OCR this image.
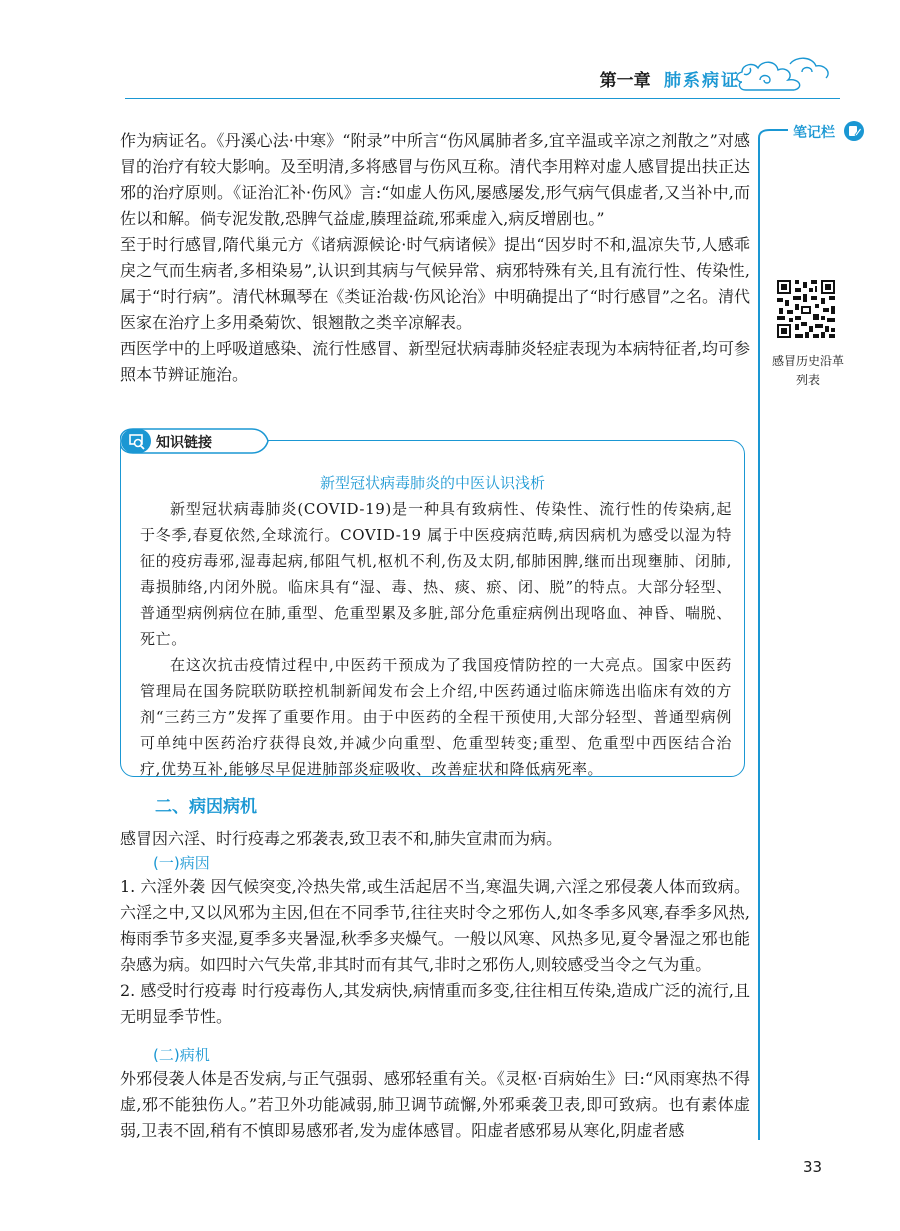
第一章 肺系病证
笔记栏
感冒历史沿革列表

作为病证名。《丹溪心法·中寒》“附录”中所言“伤风属肺者多,宜辛温或辛凉之剂散之”对感冒的治疗有较大影响。及至明清,多将感冒与伤风互称。清代李用粹对虚人感冒提出扶正达邪的治疗原则。《证治汇补·伤风》言:“如虚人伤风,屡感屡发,形气病气俱虚者,又当补中,而佐以和解。倘专泥发散,恐脾气益虚,腠理益疏,邪乘虚入,病反增剧也。”

至于时行感冒,隋代巢元方《诸病源候论·时气病诸候》提出“因岁时不和,温凉失节,人感乖戾之气而生病者,多相染易”,认识到其病与气候异常、病邪特殊有关,且有流行性、传染性,属于“时行病”。清代林珮琴在《类证治裁·伤风论治》中明确提出了“时行感冒”之名。清代医家在治疗上多用桑菊饮、银翘散之类辛凉解表。

西医学中的上呼吸道感染、流行性感冒、新型冠状病毒肺炎轻症表现为本病特征者,均可参照本节辨证施治。

知识链接
新型冠状病毒肺炎的中医认识浅析

新型冠状病毒肺炎(COVID-19)是一种具有致病性、传染性、流行性的传染病,起于冬季,春夏依然,全球流行。COVID-19 属于中医疫病范畴,病因病机为感受以湿为特征的疫疠毒邪,湿毒起病,郁阻气机,枢机不利,伤及太阴,郁肺困脾,继而出现壅肺、闭肺,毒损肺络,内闭外脱。临床具有“湿、毒、热、痰、瘀、闭、脱”的特点。大部分轻型、普通型病例病位在肺,重型、危重型累及多脏,部分危重症病例出现咯血、神昏、喘脱、死亡。

在这次抗击疫情过程中,中医药干预成为了我国疫情防控的一大亮点。国家中医药管理局在国务院联防联控机制新闻发布会上介绍,中医药通过临床筛选出临床有效的方剂“三药三方”发挥了重要作用。由于中医药的全程干预使用,大部分轻型、普通型病例可单纯中医药治疗获得良效,并减少向重型、危重型转变;重型、危重型中西医结合治疗,优势互补,能够尽早促进肺部炎症吸收、改善症状和降低病死率。

二、病因病机

感冒因六淫、时行疫毒之邪袭表,致卫表不和,肺失宣肃而为病。

(一)病因

1. 六淫外袭 因气候突变,冷热失常,或生活起居不当,寒温失调,六淫之邪侵袭人体而致病。六淫之中,又以风邪为主因,但在不同季节,往往夹时令之邪伤人,如冬季多风寒,春季多风热,梅雨季节多夹湿,夏季多夹暑湿,秋季多夹燥气。一般以风寒、风热多见,夏令暑湿之邪也能杂感为病。如四时六气失常,非其时而有其气,非时之邪伤人,则较感受当令之气为重。

2. 感受时行疫毒 时行疫毒伤人,其发病快,病情重而多变,往往相互传染,造成广泛的流行,且无明显季节性。

(二)病机

外邪侵袭人体是否发病,与正气强弱、感邪轻重有关。《灵枢·百病始生》曰:“风雨寒热不得虚,邪不能独伤人。”若卫外功能减弱,肺卫调节疏懈,外邪乘袭卫表,即可致病。也有素体虚弱,卫表不固,稍有不慎即易感邪者,发为虚体感冒。阳虚者感邪易从寒化,阴虚者感

33
